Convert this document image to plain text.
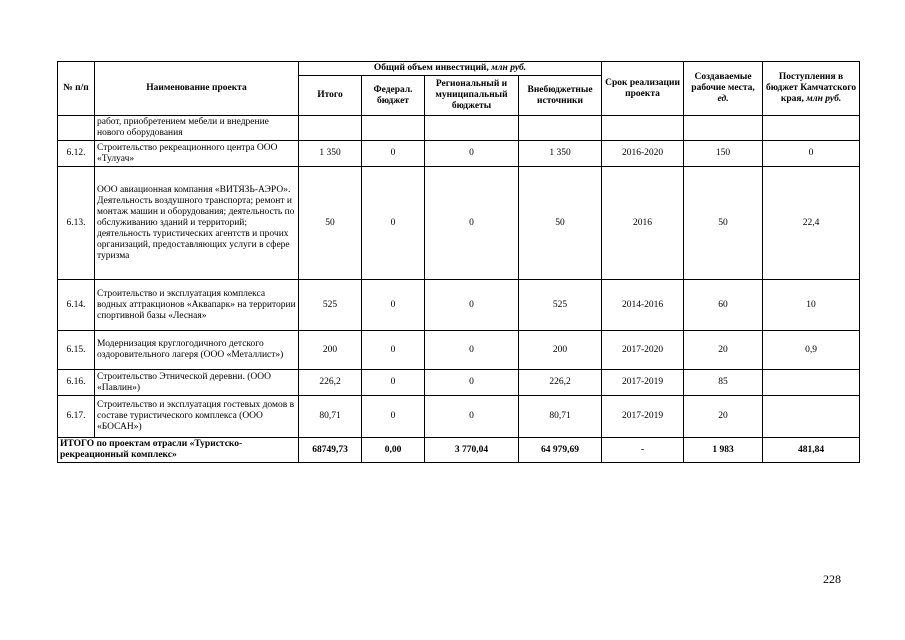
№ п/п	Наименование проекта	Общий объем инвестиций, млн руб.				Срок реализации проекта	Создаваемые рабочие места, ед.	Поступления в бюджет Камчатского края, млн руб.
		Итого	Федерал. бюджет	Региональный и муниципальный бюджеты	Внебюджетные источники			
	работ, приобретением мебели и внедрение нового оборудования							
6.12.	Строительство рекреационного центра ООО «Тулуач»	1 350	0	0	1 350	2016-2020	150	0
6.13.	ООО авиационная компания «ВИТЯЗЬ-АЭРО». Деятельность воздушного транспорта; ремонт и монтаж машин и оборудования; деятельность по обслуживанию зданий и территорий; деятельность туристических агентств и прочих организаций, предоставляющих услуги в сфере туризма	50	0	0	50	2016	50	22,4
6.14.	Строительство и эксплуатация комплекса водных аттракционов «Аквапарк» на территории спортивной базы «Лесная»	525	0	0	525	2014-2016	60	10
6.15.	Модернизация круглогодичного детского оздоровительного лагеря (ООО «Металлист»)	200	0	0	200	2017-2020	20	0,9
6.16.	Строительство Этнической деревни. (ООО «Павлин»)	226,2	0	0	226,2	2017-2019	85	
6.17.	Строительство и эксплуатация гостевых домов в составе туристического комплекса (ООО «БОСАН»)	80,71	0	0	80,71	2017-2019	20	
ИТОГО по проектам отрасли «Туристско-рекреационный комплекс»		68749,73	0,00	3 770,04	64 979,69	-	1 983	481,84
228
